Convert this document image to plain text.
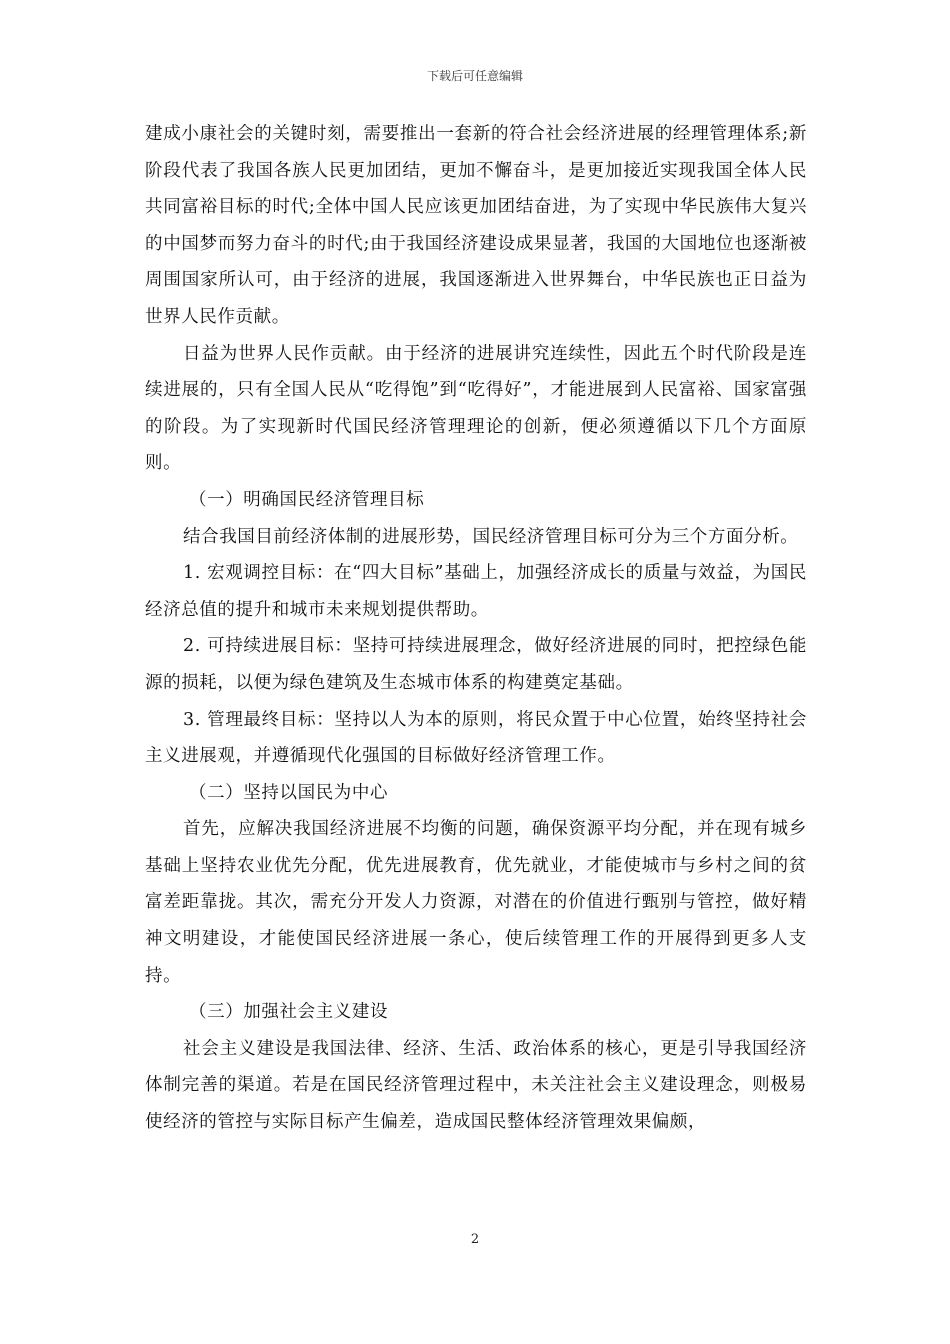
下载后可任意编辑

建成小康社会的关键时刻，需要推出一套新的符合社会经济进展的经理管理体系;新阶段代表了我国各族人民更加团结，更加不懈奋斗，是更加接近实现我国全体人民共同富裕目标的时代;全体中国人民应该更加团结奋进，为了实现中华民族伟大复兴的中国梦而努力奋斗的时代;由于我国经济建设成果显著，我国的大国地位也逐渐被周围国家所认可，由于经济的进展，我国逐渐进入世界舞台，中华民族也正日益为世界人民作贡献。

日益为世界人民作贡献。由于经济的进展讲究连续性，因此五个时代阶段是连续进展的，只有全国人民从“吃得饱”到“吃得好”，才能进展到人民富裕、国家富强的阶段。为了实现新时代国民经济管理理论的创新，便必须遵循以下几个方面原则。

（一）明确国民经济管理目标

结合我国目前经济体制的进展形势，国民经济管理目标可分为三个方面分析。

1. 宏观调控目标：在“四大目标”基础上，加强经济成长的质量与效益，为国民经济总值的提升和城市未来规划提供帮助。

2. 可持续进展目标：坚持可持续进展理念，做好经济进展的同时，把控绿色能源的损耗，以便为绿色建筑及生态城市体系的构建奠定基础。

3. 管理最终目标：坚持以人为本的原则，将民众置于中心位置，始终坚持社会主义进展观，并遵循现代化强国的目标做好经济管理工作。

（二）坚持以国民为中心

首先，应解决我国经济进展不均衡的问题，确保资源平均分配，并在现有城乡基础上坚持农业优先分配，优先进展教育，优先就业，才能使城市与乡村之间的贫富差距靠拢。其次，需充分开发人力资源，对潜在的价值进行甄别与管控，做好精神文明建设，才能使国民经济进展一条心，使后续管理工作的开展得到更多人支持。

（三）加强社会主义建设

社会主义建设是我国法律、经济、生活、政治体系的核心，更是引导我国经济体制完善的渠道。若是在国民经济管理过程中，未关注社会主义建设理念，则极易使经济的管控与实际目标产生偏差，造成国民整体经济管理效果偏颇，

2
